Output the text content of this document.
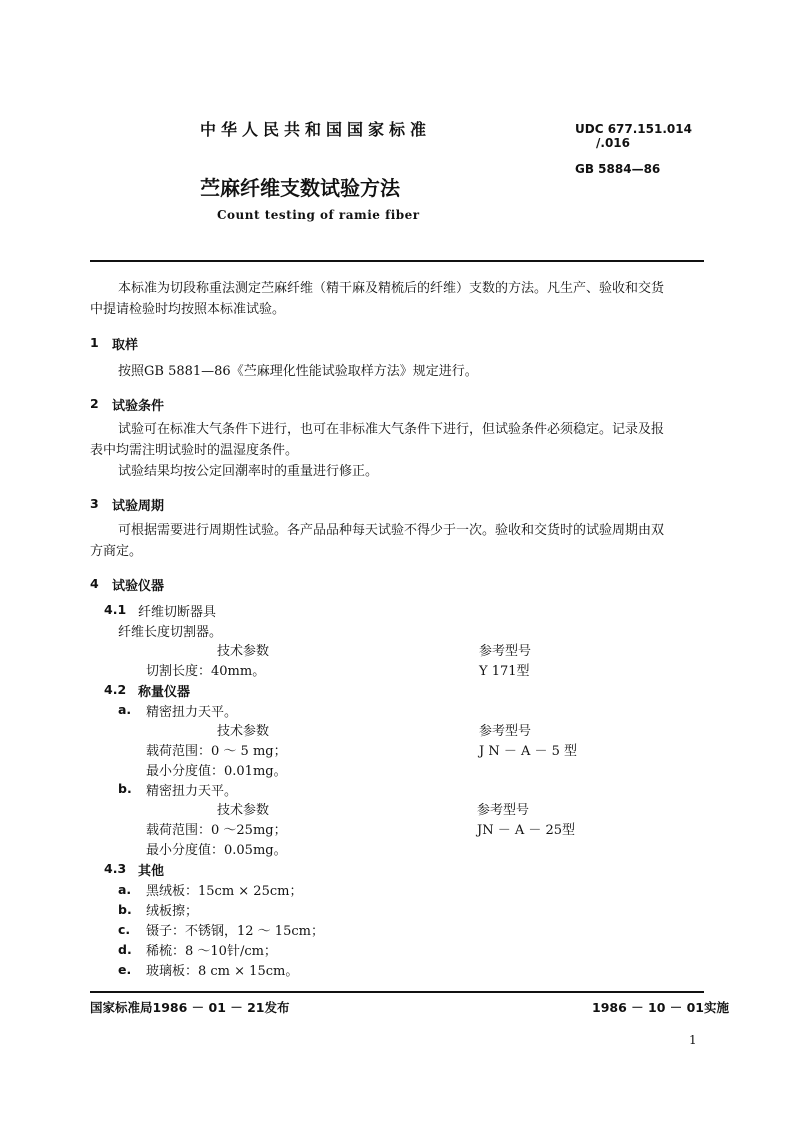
中华人民共和国国家标准	UDC 677.151.014
/.016
GB 5884—86
苎麻纤维支数试验方法
Count testing of ramie fiber
本标准为切段称重法测定苎麻纤维（精干麻及精梳后的纤维）支数的方法。凡生产、验收和交货
中提请检验时均按照本标准试验。
1 取样
按照GB 5881—86《苎麻理化性能试验取样方法》规定进行。
2 试验条件
试验可在标准大气条件下进行，也可在非标准大气条件下进行，但试验条件必须稳定。记录及报
表中均需注明试验时的温湿度条件。
试验结果均按公定回潮率时的重量进行修正。
3 试验周期
可根据需要进行周期性试验。各产品品种每天试验不得少于一次。验收和交货时的试验周期由双
方商定。
4 试验仪器
4.1 纤维切断器具
纤维长度切割器。
技术参数	参考型号
切割长度：40mm。	Y 171型
4.2 称量仪器
a. 精密扭力天平。
技术参数	参考型号
载荷范围：0 ～ 5 mg；	J N － A － 5 型
最小分度值：0.01mg。
b. 精密扭力天平。
技术参数	参考型号
载荷范围：0 ～25mg；	JN － A － 25型
最小分度值：0.05mg。
4.3 其他
a. 黑绒板：15cm × 25cm；
b. 绒板擦；
c. 镊子：不锈钢，12 ～ 15cm；
d. 稀梳：8 ～10针/cm；
e. 玻璃板：8 cm × 15cm。
国家标准局1986 － 01 － 21发布	1986 － 10 － 01实施
1
